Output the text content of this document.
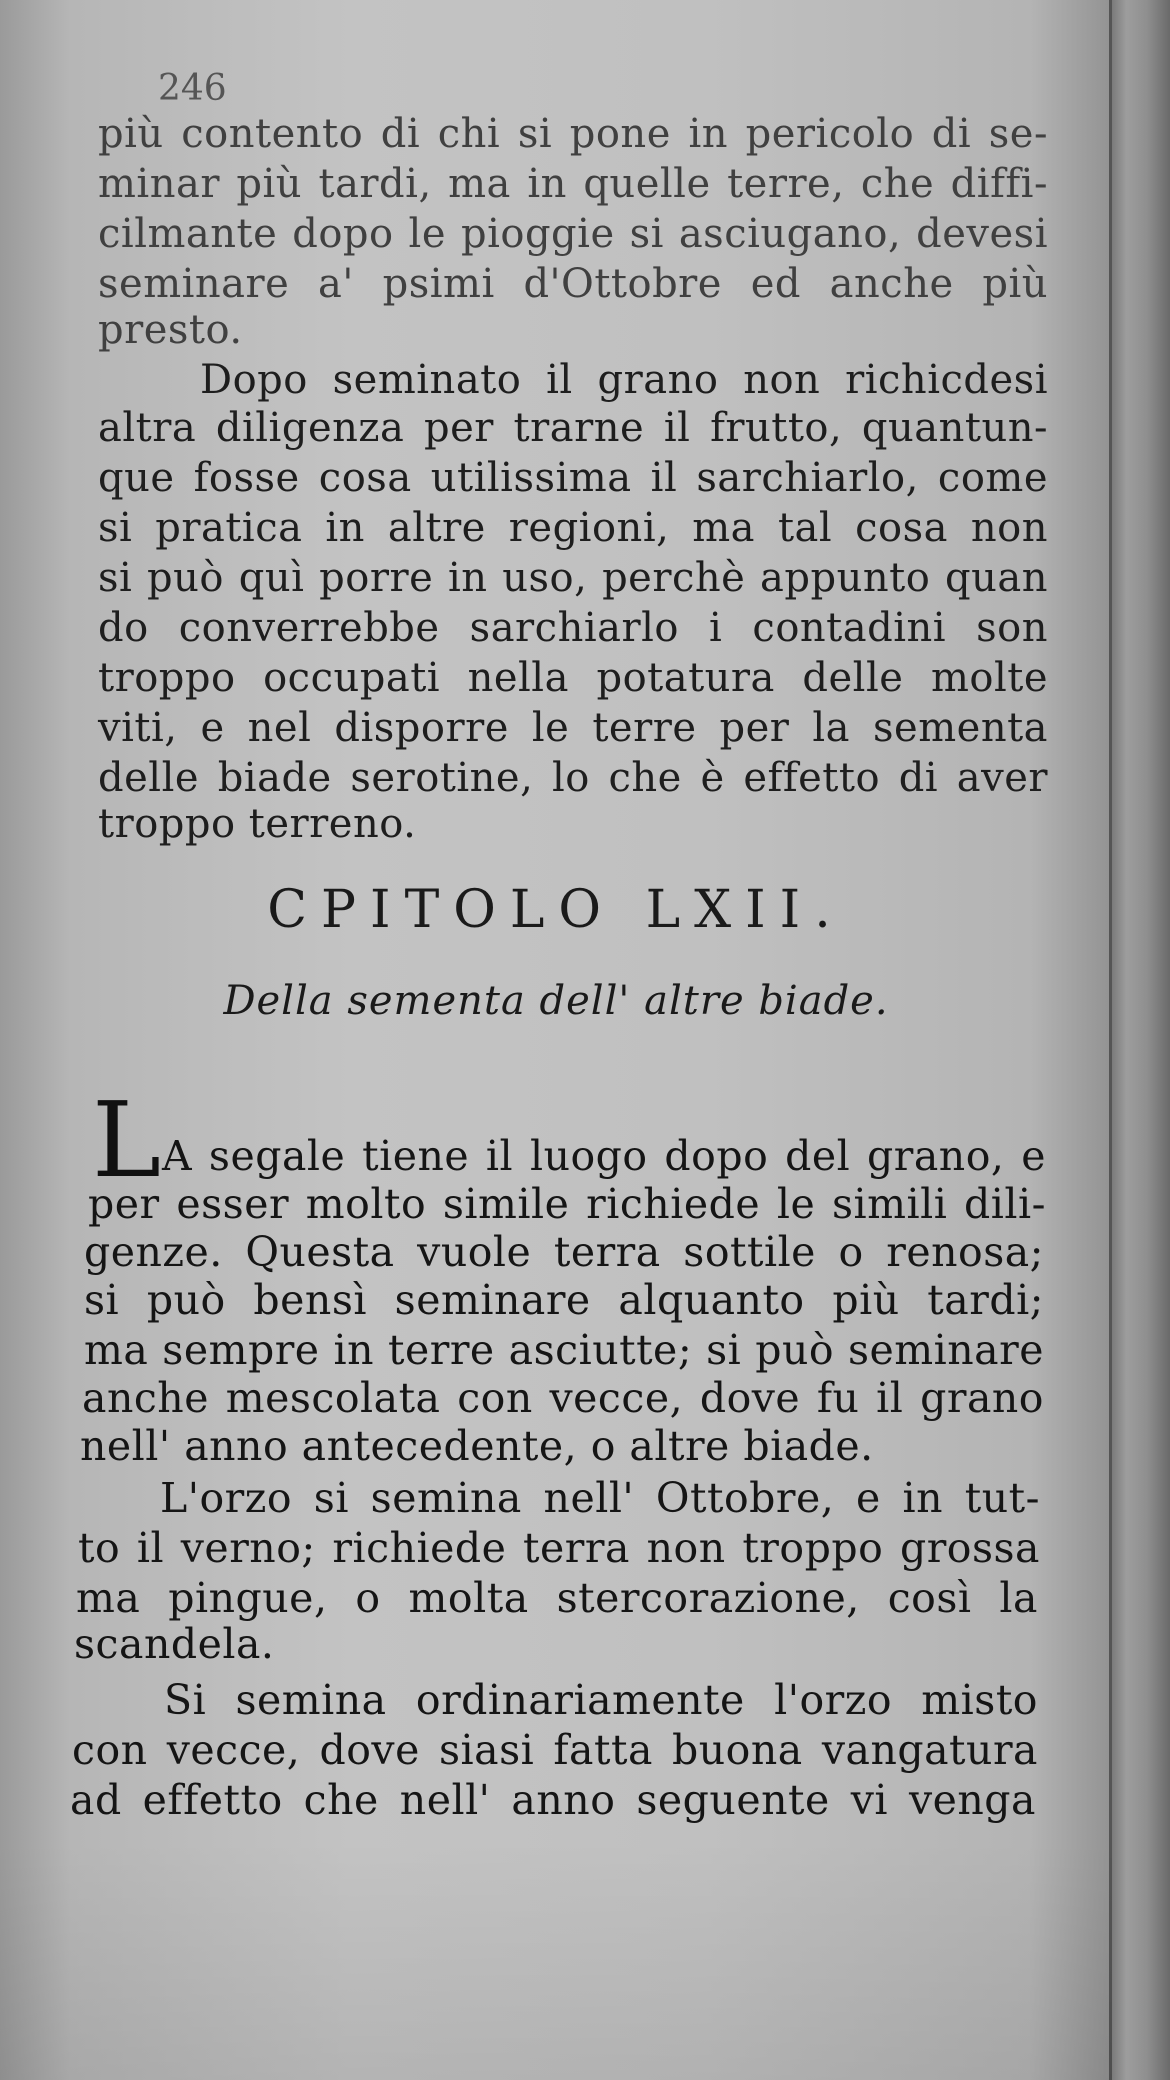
246
più contento di chi si pone in pericolo di se-
minar più tardi, ma in quelle terre, che diffi-
cilmante dopo le pioggie si asciugano, devesi
seminare a' psimi d'Ottobre ed anche più
presto.
Dopo seminato il grano non richicdesi
altra diligenza per trarne il frutto, quantun-
que fosse cosa utilissima il sarchiarlo, come
si pratica in altre regioni, ma tal cosa non
si può quì porre in uso, perchè appunto quan
do converrebbe sarchiarlo i contadini son
troppo occupati nella potatura delle molte
viti, e nel disporre le terre per la sementa
delle biade serotine, lo che è effetto di aver
troppo terreno.
CPITOLO LXII.
Della sementa dell' altre biade.
L A segale tiene il luogo dopo del grano, e
per esser molto simile richiede le simili dili-
genze. Questa vuole terra sottile o renosa;
si può bensì seminare alquanto più tardi;
ma sempre in terre asciutte; si può seminare
anche mescolata con vecce, dove fu il grano
nell' anno antecedente, o altre biade.
L'orzo si semina nell' Ottobre, e in tut-
to il verno; richiede terra non troppo grossa
ma pingue, o molta stercorazione, così la
scandela.
Si semina ordinariamente l'orzo misto
con vecce, dove siasi fatta buona vangatura
ad effetto che nell' anno seguente vi venga
